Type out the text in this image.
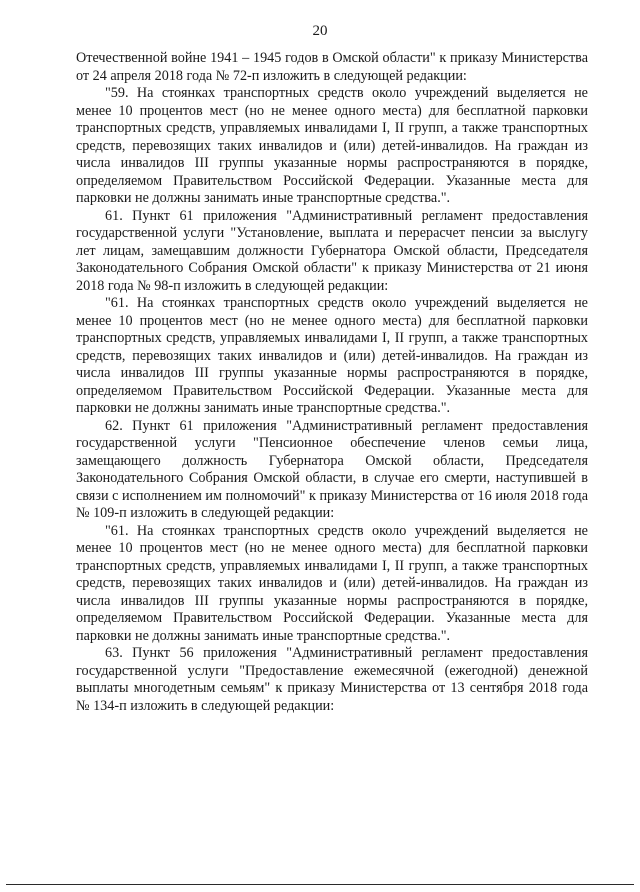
20

Отечественной войне 1941 – 1945 годов в Омской области" к приказу Министерства от 24 апреля 2018 года № 72-п изложить в следующей редакции:

"59. На стоянках транспортных средств около учреждений выделяется не менее 10 процентов мест (но не менее одного места) для бесплатной парковки транспортных средств, управляемых инвалидами I, II групп, а также транспортных средств, перевозящих таких инвалидов и (или) детей-инвалидов. На граждан из числа инвалидов III группы указанные нормы распространяются в порядке, определяемом Правительством Российской Федерации. Указанные места для парковки не должны занимать иные транспортные средства.".

61. Пункт 61 приложения "Административный регламент предоставления государственной услуги "Установление, выплата и перерасчет пенсии за выслугу лет лицам, замещавшим должности Губернатора Омской области, Председателя Законодательного Собрания Омской области" к приказу Министерства от 21 июня 2018 года № 98-п изложить в следующей редакции:

"61. На стоянках транспортных средств около учреждений выделяется не менее 10 процентов мест (но не менее одного места) для бесплатной парковки транспортных средств, управляемых инвалидами I, II групп, а также транспортных средств, перевозящих таких инвалидов и (или) детей-инвалидов. На граждан из числа инвалидов III группы указанные нормы распространяются в порядке, определяемом Правительством Российской Федерации. Указанные места для парковки не должны занимать иные транспортные средства.".

62. Пункт 61 приложения "Административный регламент предоставления государственной услуги "Пенсионное обеспечение членов семьи лица, замещающего должность Губернатора Омской области, Председателя Законодательного Собрания Омской области, в случае его смерти, наступившей в связи с исполнением им полномочий" к приказу Министерства от 16 июля 2018 года № 109-п изложить в следующей редакции:

"61. На стоянках транспортных средств около учреждений выделяется не менее 10 процентов мест (но не менее одного места) для бесплатной парковки транспортных средств, управляемых инвалидами I, II групп, а также транспортных средств, перевозящих таких инвалидов и (или) детей-инвалидов. На граждан из числа инвалидов III группы указанные нормы распространяются в порядке, определяемом Правительством Российской Федерации. Указанные места для парковки не должны занимать иные транспортные средства.".

63. Пункт 56 приложения "Административный регламент предоставления государственной услуги "Предоставление ежемесячной (ежегодной) денежной выплаты многодетным семьям" к приказу Министерства от 13 сентября 2018 года № 134-п изложить в следующей редакции:
